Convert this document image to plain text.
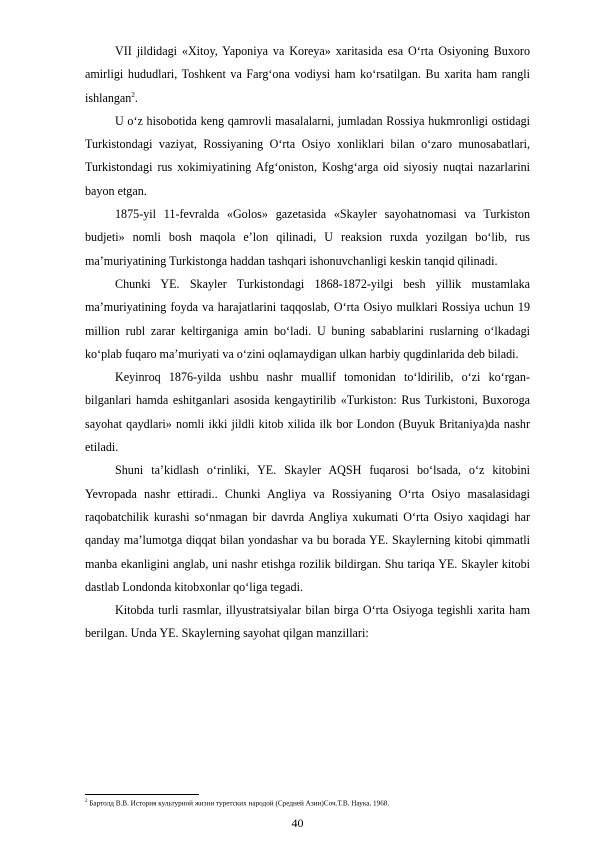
VII jildidagi «Xitoy, Yaponiya va Koreya» xaritasida esa O‘rta Osiyoning Buxoro amirligi hududlari, Toshkent va Farg‘ona vodiysi ham ko‘rsatilgan. Bu xarita ham rangli ishlangan$^2$.

U o‘z hisobotida keng qamrovli masalalarni, jumladan Rossiya hukmronligi ostidagi Turkistondagi vaziyat, Rossiyaning O‘rta Osiyo xonliklari bilan o‘zaro munosabatlari, Turkistondagi rus xokimiyatining Afg‘oniston, Koshg‘arga oid siyosiy nuqtai nazarlarini bayon etgan.

1875-yil 11-fevralda «Golos» gazetasida «Skayler sayohatnomasi va Turkiston budjeti» nomli bosh maqola e’lon qilinadi, U reaksion ruxda yozilgan bo‘lib, rus ma’muriyatining Turkistonga haddan tashqari ishonuvchanligi keskin tanqid qilinadi.

Chunki YE. Skayler Turkistondagi 1868-1872-yilgi besh yillik mustamlaka ma’muriyatining foyda va harajatlarini taqqoslab, O‘rta Osiyo mulklari Rossiya uchun 19 million rubl zarar keltirganiga amin bo‘ladi. U buning sabablarini ruslarning o‘lkadagi ko‘plab fuqaro ma’muriyati va o‘zini oqlamaydigan ulkan harbiy qugdinlarida deb biladi.

Keyinroq 1876-yilda ushbu nashr muallif tomonidan to‘ldirilib, o‘zi ko‘rgan-bilganlari hamda eshitganlari asosida kengaytirilib «Turkiston: Rus Turkistoni, Buxoroga sayohat qaydlari» nomli ikki jildli kitob xilida ilk bor London (Buyuk Britaniya)da nashr etiladi.

Shuni ta’kidlash o‘rinliki, YE. Skayler AQSH fuqarosi bo‘lsada, o‘z kitobini Yevropada nashr ettiradi.. Chunki Angliya va Rossiyaning O‘rta Osiyo masalasidagi raqobatchilik kurashi so‘nmagan bir davrda Angliya xukumati O‘rta Osiyo xaqidagi har qanday ma’lumotga diqqat bilan yondashar va bu borada YE. Skaylerning kitobi qimmatli manba ekanligini anglab, uni nashr etishga rozilik bildirgan. Shu tariqa YE. Skayler kitobi dastlab Londonda kitobxonlar qo‘liga tegadi.

Kitobda turli rasmlar, illyustratsiyalar bilan birga O‘rta Osiyoga tegishli xarita ham berilgan. Unda YE. Skaylerning sayohat qilgan manzillari:

$^2$ Бартолд В.В. История культурной жизни туретских народой (Средней Азии)Соч.Т.В. Наука, 1968.
40
